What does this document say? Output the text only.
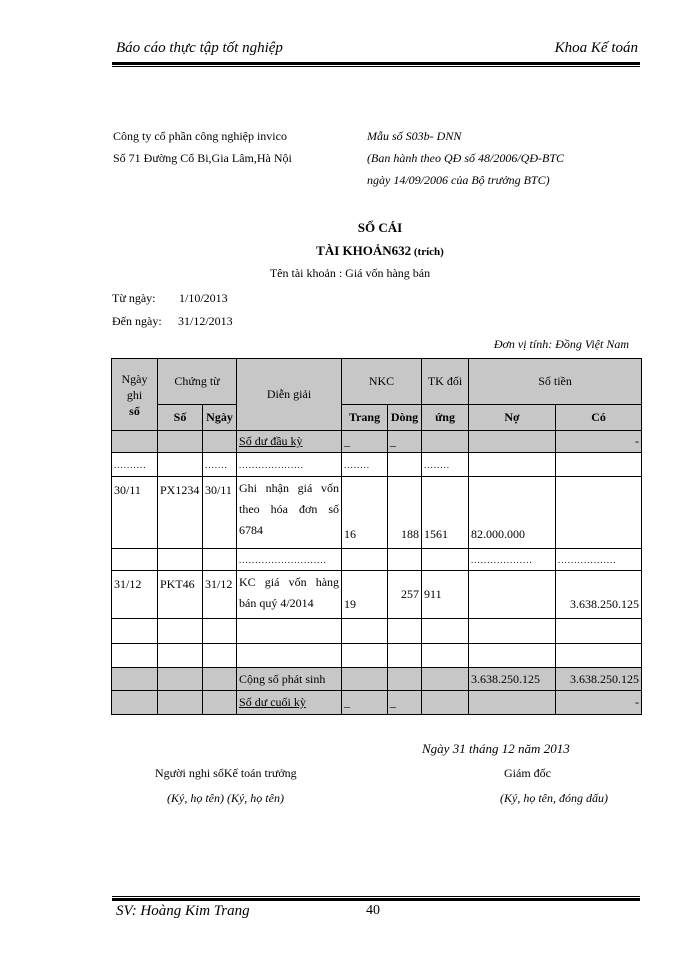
Báo cáo thực tập tốt nghiệp	Khoa Kế toán
Công ty cổ phần công nghiệp invico
Số 71 Đường Cổ Bi,Gia Lâm,Hà Nội
Mẫu số S03b- DNN
(Ban hành theo QĐ số 48/2006/QĐ-BTC
ngày 14/09/2006 của Bộ trưởng BTC)
SỔ CÁI
TÀI KHOẢN632 (trích)
Tên tài khoản : Giá vốn hàng bán
Từ ngày: 1/10/2013
Đến ngày: 31/12/2013
Đơn vị tính: Đồng Việt Nam
Ngày
ghi
sổ	Chứng từ		Diễn giải	NKC		TK đối	Số tiền	
	Số	Ngày		Trang	Dòng	ứng	Nợ	Có
			Số dư đầu kỳ	_	_			-
..........		.......	....................	........		........		
30/11	PX1234	30/11	Ghi nhận giá vốn theo hóa đơn số 6784	16	188	1561	82.000.000	
			...........................				...................	..................
31/12	PKT46	31/12	KC giá vốn hàng bán quý 4/2014	19	257	911		3.638.250.125

			Cộng số phát sinh				3.638.250.125	3.638.250.125
			Số dư cuối kỳ	_	_			-
Ngày 31 tháng 12 năm 2013
Người nghi sổKế toán trưởng	Giám đốc
(Ký, họ tên) (Ký, họ tên)	(Ký, họ tên, đóng dấu)
SV: Hoàng Kim Trang	40
